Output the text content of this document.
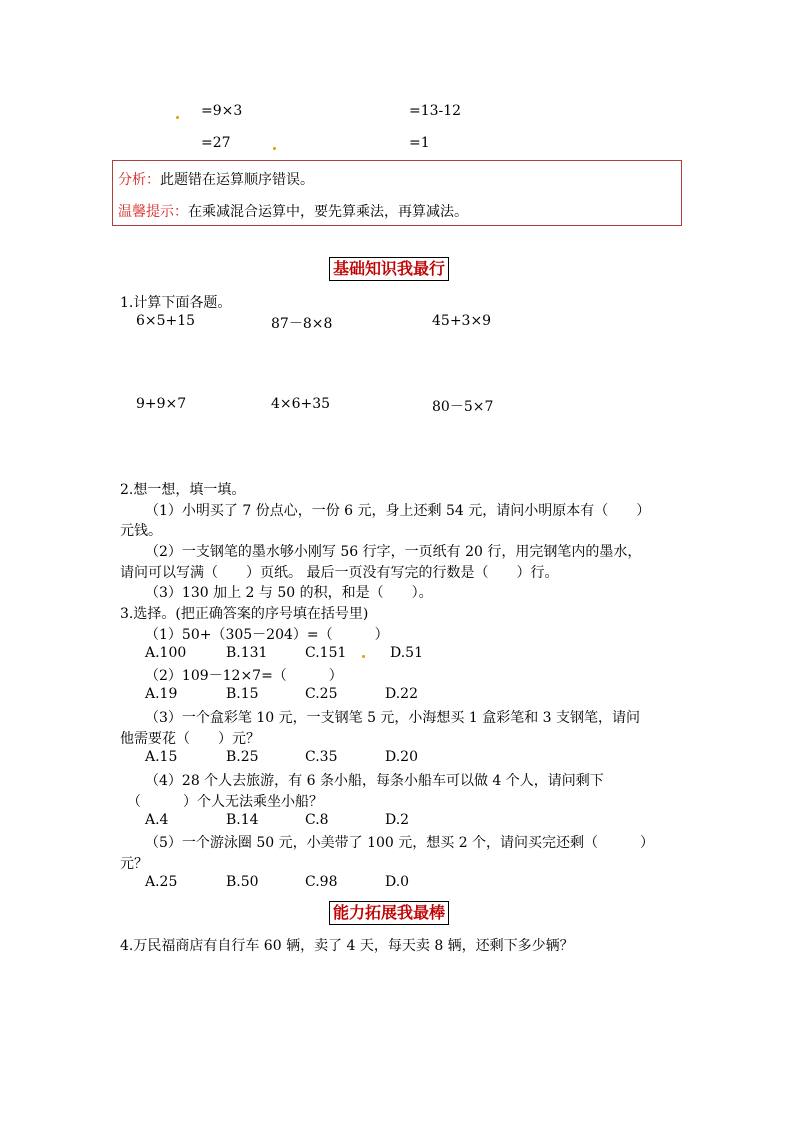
=9×3	=13-12
=27	=1
分析：此题错在运算顺序错误。
温馨提示：在乘减混合运算中，要先算乘法，再算减法。
基础知识我最行
1.计算下面各题。
6×5+15	87－8×8	45+3×9
9+9×7	4×6+35	80－5×7
2.想一想，填一填。
（1）小明买了 7 份点心，一份 6 元，身上还剩 54 元，请问小明原本有（　　）
元钱。
（2）一支钢笔的墨水够小刚写 56 行字，一页纸有 20 行，用完钢笔内的墨水，
请问可以写满（　　）页纸。 最后一页没有写完的行数是（　　）行。
（3）130 加上 2 与 50 的积，和是（　　）。
3.选择。(把正确答案的序号填在括号里)
（1）50+（305－204）=（　　　）
A.100	B.131	C.151	D.51
（2）109－12×7=（　　　）
A.19	B.15	C.25	D.22
（3）一个盒彩笔 10 元，一支钢笔 5 元，小海想买 1 盒彩笔和 3 支钢笔，请问
他需要花（　　）元？
A.15	B.25	C.35	D.20
（4）28 个人去旅游，有 6 条小船，每条小船车可以做 4 个人，请问剩下
（　　　）个人无法乘坐小船？
A.4	B.14	C.8	D.2
（5）一个游泳圈 50 元，小美带了 100 元，想买 2 个，请问买完还剩（　　　）
元？
A.25	B.50	C.98	D.0
能力拓展我最棒
4.万民福商店有自行车 60 辆，卖了 4 天，每天卖 8 辆，还剩下多少辆？
